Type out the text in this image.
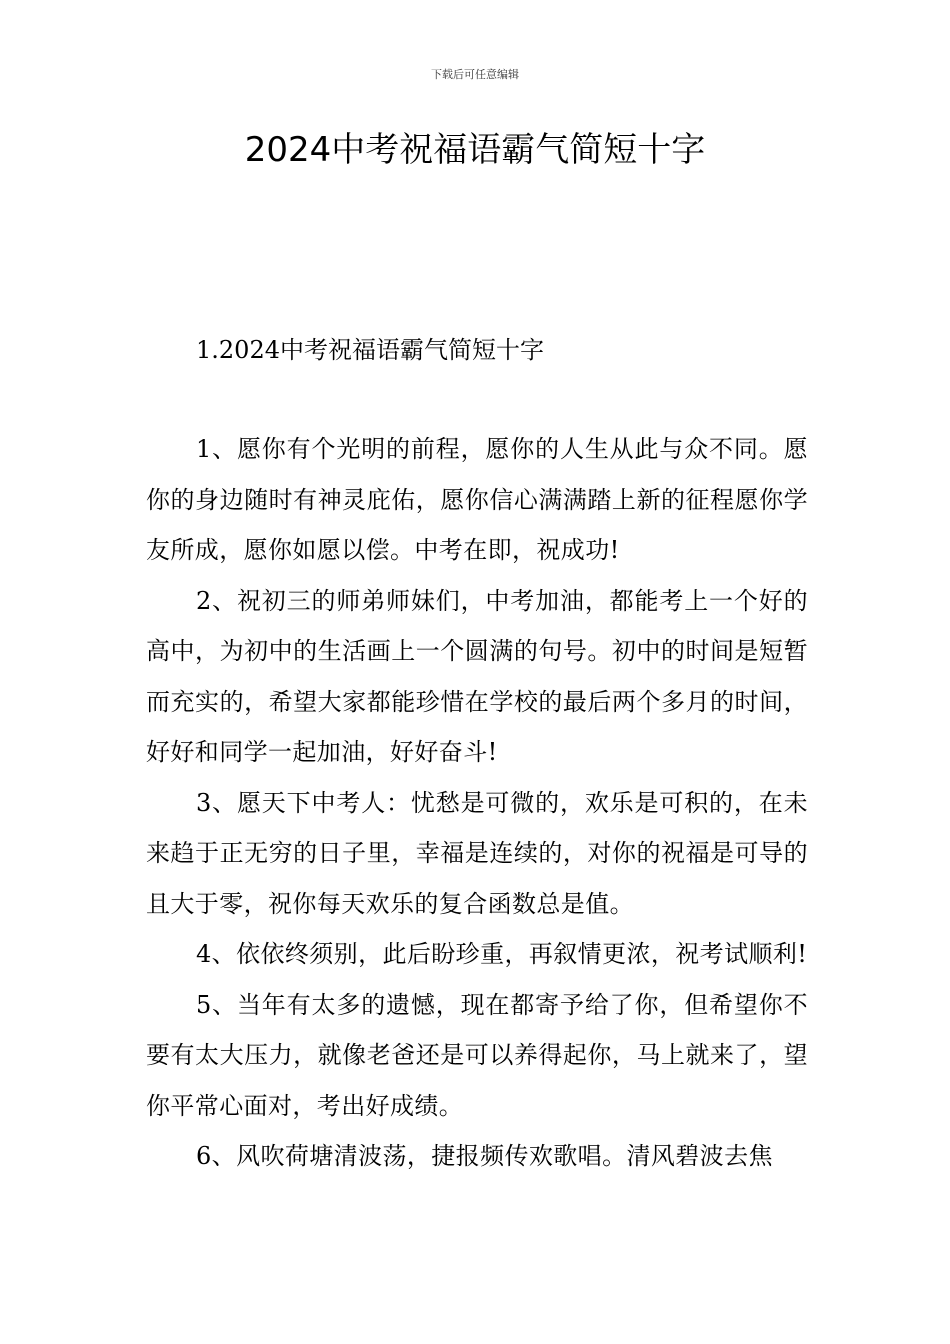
下载后可任意编辑
2024中考祝福语霸气简短十字
1.2024中考祝福语霸气简短十字

1、愿你有个光明的前程，愿你的人生从此与众不同。愿你的身边随时有神灵庇佑，愿你信心满满踏上新的征程愿你学友所成，愿你如愿以偿。中考在即，祝成功!

2、祝初三的师弟师妹们，中考加油，都能考上一个好的高中，为初中的生活画上一个圆满的句号。初中的时间是短暂而充实的，希望大家都能珍惜在学校的最后两个多月的时间，好好和同学一起加油，好好奋斗!

3、愿天下中考人：忧愁是可微的，欢乐是可积的，在未来趋于正无穷的日子里，幸福是连续的，对你的祝福是可导的且大于零，祝你每天欢乐的复合函数总是值。

4、依依终须别，此后盼珍重，再叙情更浓，祝考试顺利!

5、当年有太多的遗憾，现在都寄予给了你，但希望你不要有太大压力，就像老爸还是可以养得起你，马上就来了，望你平常心面对，考出好成绩。

6、风吹荷塘清波荡，捷报频传欢歌唱。清风碧波去焦
